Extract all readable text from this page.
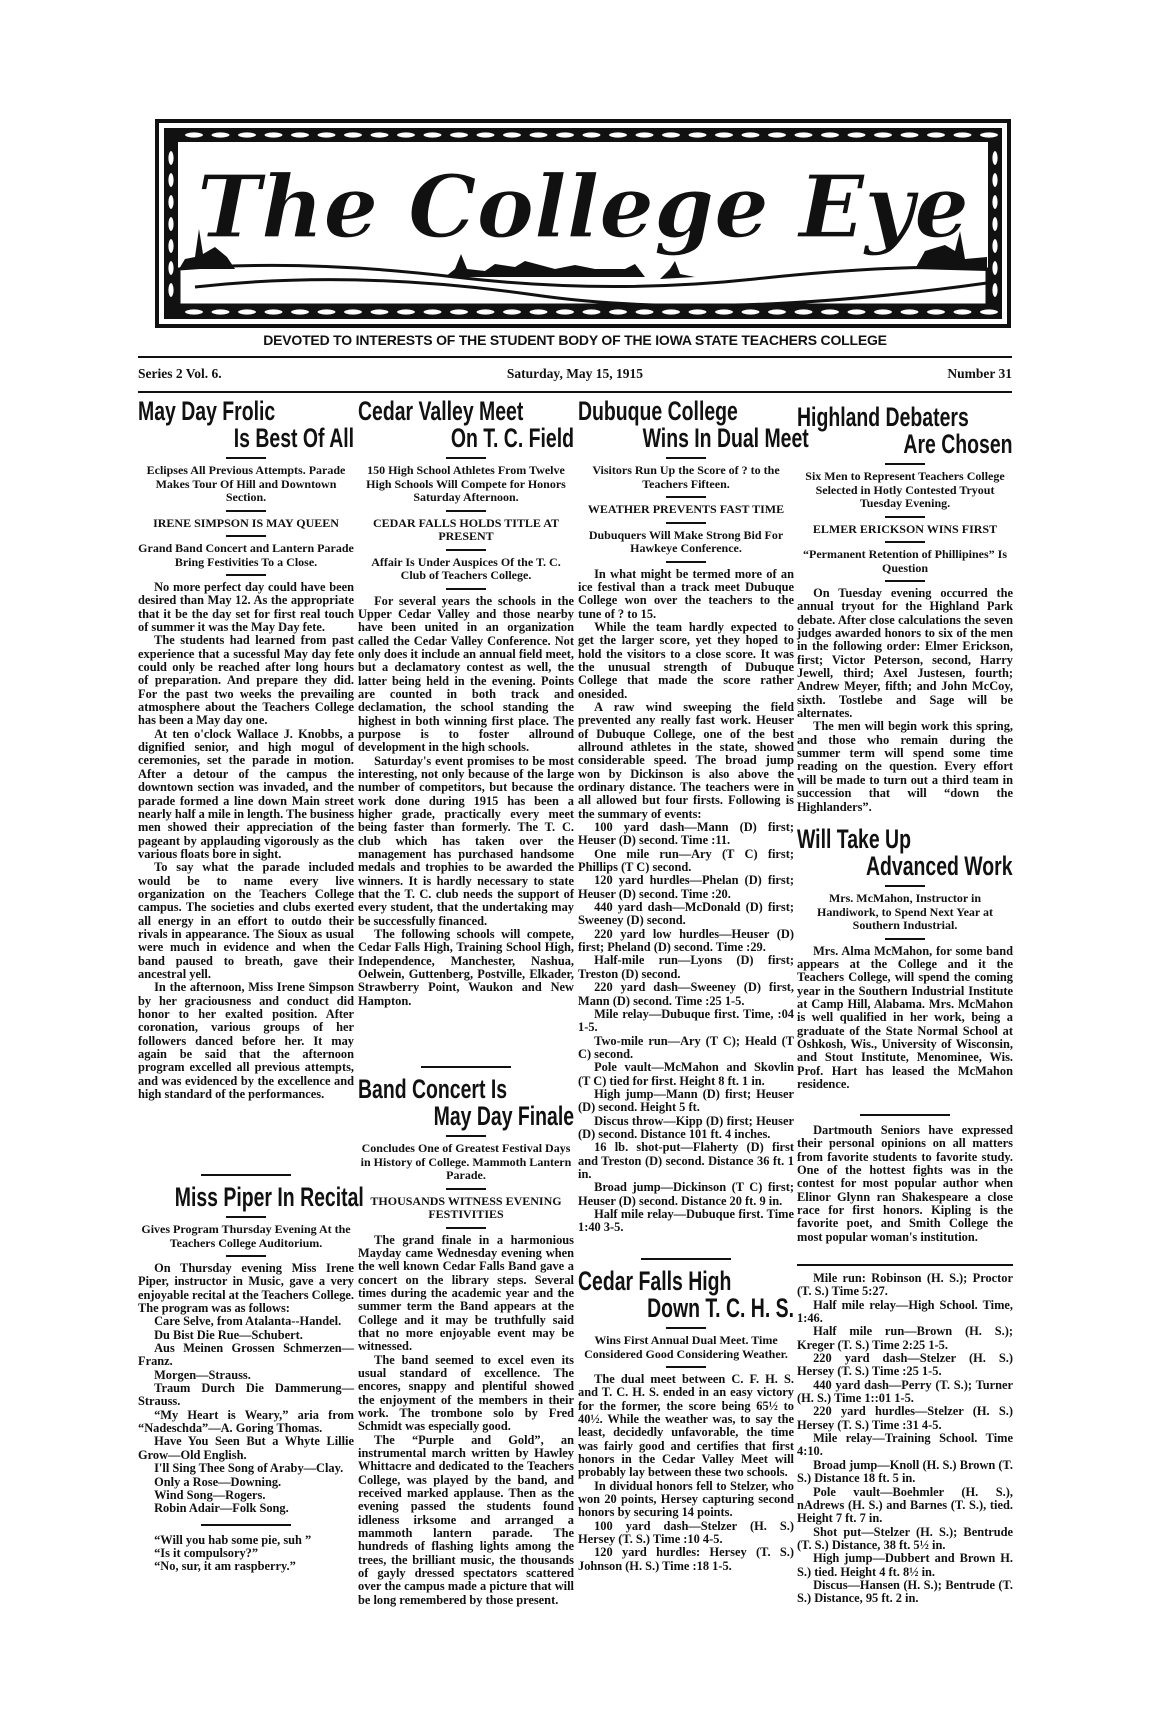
The College Eye
DEVOTED TO INTERESTS OF THE STUDENT BODY OF THE IOWA STATE TEACHERS COLLEGE
Series 2 Vol. 6.	Saturday, May 15, 1915	Number 31
May Day Frolic
Is Best Of All
Eclipses All Previous Attempts. Parade Makes Tour Of Hill and Downtown Section.
IRENE SIMPSON IS MAY QUEEN
Grand Band Concert and Lantern Parade Bring Festivities To a Close.

No more perfect day could have been desired than May 12. As the appropriate that it be the day set for first real touch of summer it was the May Day fete.

The students had learned from past experience that a sucessful May day fete could only be reached after long hours of preparation. And prepare they did. For the past two weeks the prevailing atmosphere about the Teachers College has been a May day one.

At ten o'clock Wallace J. Knobbs, a dignified senior, and high mogul of ceremonies, set the parade in motion. After a detour of the campus the downtown section was invaded, and the parade formed a line down Main street nearly half a mile in length. The business men showed their appreciation of the pageant by applauding vigorously as the various floats bore in sight.

To say what the parade included would be to name every live organization on the Teachers College campus. The societies and clubs exerted all energy in an effort to outdo their rivals in appearance. The Sioux as usual were much in evidence and when the band paused to breath, gave their ancestral yell.

In the afternoon, Miss Irene Simpson by her graciousness and conduct did honor to her exalted position. After coronation, various groups of her followers danced before her. It may again be said that the afternoon program excelled all previous attempts, and was evidenced by the excellence and high standard of the performances.

Miss Piper In Recital
Gives Program Thursday Evening At the Teachers College Auditorium.

On Thursday evening Miss Irene Piper, instructor in Music, gave a very enjoyable recital at the Teachers College. The program was as follows:

Care Selve, from Atalanta--Handel.

Du Bist Die Rue—Schubert.

Aus Meinen Grossen Schmerzen—Franz.

Morgen—Strauss.

Traum Durch Die Dammerung—Strauss.

“My Heart is Weary,” aria from “Nadeschda”—A. Goring Thomas.

Have You Seen But a Whyte Lillie Grow—Old English.

I'll Sing Thee Song of Araby—Clay.

Only a Rose—Downing.

Wind Song—Rogers.

Robin Adair—Folk Song.

“Will you hab some pie, suh ”

“Is it compulsory?”

“No, sur, it am raspberry.”

Cedar Valley Meet
On T. C. Field
150 High School Athletes From Twelve High Schools Will Compete for Honors Saturday Afternoon.
CEDAR FALLS HOLDS TITLE AT PRESENT
Affair Is Under Auspices Of the T. C. Club of Teachers College.

For several years the schools in the Upper Cedar Valley and those nearby have been united in an organization called the Cedar Valley Conference. Not only does it include an annual field meet, but a declamatory contest as well, the latter being held in the evening. Points are counted in both track and declamation, the school standing the highest in both winning first place. The purpose is to foster allround development in the high schools.

Saturday's event promises to be most interesting, not only because of the large number of competitors, but because the work done during 1915 has been a higher grade, practically every meet being faster than formerly. The T. C. club which has taken over the management has purchased handsome medals and trophies to be awarded the winners. It is hardly necessary to state that the T. C. club needs the support of every student, that the undertaking may be successfully financed.

The following schools will compete, Cedar Falls High, Training School High, Independence, Manchester, Nashua, Oelwein, Guttenberg, Postville, Elkader, Strawberry Point, Waukon and New Hampton.

Band Concert Is
May Day Finale
Concludes One of Greatest Festival Days in History of College. Mammoth Lantern Parade.
THOUSANDS WITNESS EVENING FESTIVITIES

The grand finale in a harmonious Mayday came Wednesday evening when the well known Cedar Falls Band gave a concert on the library steps. Several times during the academic year and the summer term the Band appears at the College and it may be truthfully said that no more enjoyable event may be witnessed.

The band seemed to excel even its usual standard of excellence. The encores, snappy and plentiful showed the enjoyment of the members in their work. The trombone solo by Fred Schmidt was especially good.

The “Purple and Gold”, an instrumental march written by Hawley Whittacre and dedicated to the Teachers College, was played by the band, and received marked applause. Then as the evening passed the students found idleness irksome and arranged a mammoth lantern parade. The hundreds of flashing lights among the trees, the brilliant music, the thousands of gayly dressed spectators scattered over the campus made a picture that will be long remembered by those present.

Dubuque College
Wins In Dual Meet
Visitors Run Up the Score of ? to the Teachers Fifteen.
WEATHER PREVENTS FAST TIME
Dubuquers Will Make Strong Bid For Hawkeye Conference.

In what might be termed more of an ice festival than a track meet Dubuque College won over the teachers to the tune of ? to 15.

While the team hardly expected to get the larger score, yet they hoped to hold the visitors to a close score. It was the unusual strength of Dubuque College that made the score rather onesided.

A raw wind sweeping the field prevented any really fast work. Heuser of Dubuque College, one of the best allround athletes in the state, showed considerable speed. The broad jump won by Dickinson is also above the ordinary distance. The teachers were in all allowed but four firsts. Following is the summary of events:

100 yard dash—Mann (D) first; Heuser (D) second. Time :11.

One mile run—Ary (T C) first; Phillips (T C) second.

120 yard hurdles—Phelan (D) first; Heuser (D) second. Time :20.

440 yard dash—McDonald (D) first; Sweeney (D) second.

220 yard low hurdles—Heuser (D) first; Pheland (D) second. Time :29.

Half-mile run—Lyons (D) first; Treston (D) second.

220 yard dash—Sweeney (D) first, Mann (D) second. Time :25 1-5.

Mile relay—Dubuque first. Time, :04 1-5.

Two-mile run—Ary (T C); Heald (T C) second.

Pole vault—McMahon and Skovlin (T C) tied for first. Height 8 ft. 1 in.

High jump—Mann (D) first; Heuser (D) second. Height 5 ft.

Discus throw—Kipp (D) first; Heuser (D) second. Distance 101 ft. 4 inches.

16 lb. shot-put—Flaherty (D) first and Treston (D) second. Distance 36 ft. 1 in.

Broad jump—Dickinson (T C) first; Heuser (D) second. Distance 20 ft. 9 in.

Half mile relay—Dubuque first. Time 1:40 3-5.

Cedar Falls High
Down T. C. H. S.
Wins First Annual Dual Meet. Time Considered Good Considering Weather.

The dual meet between C. F. H. S. and T. C. H. S. ended in an easy victory for the former, the score being 65½ to 40½. While the weather was, to say the least, decidedly unfavorable, the time was fairly good and certifies that first honors in the Cedar Valley Meet will probably lay between these two schools.

In dividual honors fell to Stelzer, who won 20 points, Hersey capturing second honors by securing 14 points.

100 yard dash—Stelzer (H. S.) Hersey (T. S.) Time :10 4-5.

120 yard hurdles: Hersey (T. S.) Johnson (H. S.) Time :18 1-5.

Highland Debaters
Are Chosen
Six Men to Represent Teachers College Selected in Hotly Contested Tryout Tuesday Evening.
ELMER ERICKSON WINS FIRST
“Permanent Retention of Phillipines” Is Question

On Tuesday evening occurred the annual tryout for the Highland Park debate. After close calculations the seven judges awarded honors to six of the men in the following order: Elmer Erickson, first; Victor Peterson, second, Harry Jewell, third; Axel Justesen, fourth; Andrew Meyer, fifth; and John McCoy, sixth. Tostlebe and Sage will be alternates.

The men will begin work this spring, and those who remain during the summer term will spend some time reading on the question. Every effort will be made to turn out a third team in succession that will “down the Highlanders”.

Will Take Up
Advanced Work
Mrs. McMahon, Instructor in Handiwork, to Spend Next Year at Southern Industrial.

Mrs. Alma McMahon, for some band appears at the College and it the Teachers College, will spend the coming year in the Southern Industrial Institute at Camp Hill, Alabama. Mrs. McMahon is well qualified in her work, being a graduate of the State Normal School at Oshkosh, Wis., University of Wisconsin, and Stout Institute, Menominee, Wis. Prof. Hart has leased the McMahon residence.

Dartmouth Seniors have expressed their personal opinions on all matters from favorite students to favorite study. One of the hottest fights was in the contest for most popular author when Elinor Glynn ran Shakespeare a close race for first honors. Kipling is the favorite poet, and Smith College the most popular woman's institution.

Mile run: Robinson (H. S.); Proctor (T. S.) Time 5:27.

Half mile relay—High School. Time, 1:46.

Half mile run—Brown (H. S.); Kreger (T. S.) Time 2:25 1-5.

220 yard dash—Stelzer (H. S.) Hersey (T. S.) Time :25 1-5.

440 yard dash—Perry (T. S.); Turner (H. S.) Time 1::01 1-5.

220 yard hurdles—Stelzer (H. S.) Hersey (T. S.) Time :31 4-5.

Mile relay—Training School. Time 4:10.

Broad jump—Knoll (H. S.) Brown (T. S.) Distance 18 ft. 5 in.

Pole vault—Boehmler (H. S.), nAdrews (H. S.) and Barnes (T. S.), tied. Height 7 ft. 7 in.

Shot put—Stelzer (H. S.); Bentrude (T. S.) Distance, 38 ft. 5½ in.

High jump—Dubbert and Brown H. S.) tied. Height 4 ft. 8½ in.

Discus—Hansen (H. S.); Bentrude (T. S.) Distance, 95 ft. 2 in.
